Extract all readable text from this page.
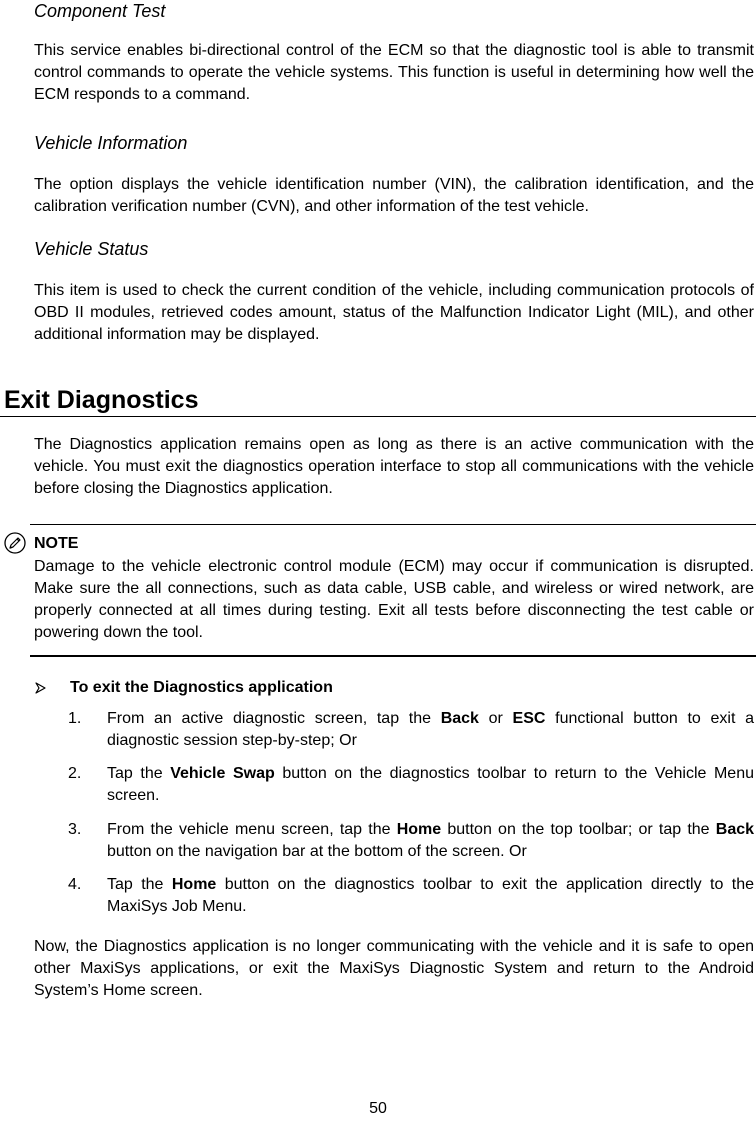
Component Test

This service enables bi-directional control of the ECM so that the diagnostic tool is able to transmit control commands to operate the vehicle systems. This function is useful in determining how well the ECM responds to a command.

Vehicle Information

The option displays the vehicle identification number (VIN), the calibration identification, and the calibration verification number (CVN), and other information of the test vehicle.

Vehicle Status

This item is used to check the current condition of the vehicle, including communication protocols of OBD II modules, retrieved codes amount, status of the Malfunction Indicator Light (MIL), and other additional information may be displayed.

Exit Diagnostics

The Diagnostics application remains open as long as there is an active communication with the vehicle. You must exit the diagnostics operation interface to stop all communications with the vehicle before closing the Diagnostics application.

NOTE

Damage to the vehicle electronic control module (ECM) may occur if communication is disrupted. Make sure the all connections, such as data cable, USB cable, and wireless or wired network, are properly connected at all times during testing. Exit all tests before disconnecting the test cable or powering down the tool.

To exit the Diagnostics application
1.	From an active diagnostic screen, tap the Back or ESC functional button to exit a diagnostic session step-by-step; Or
2.	Tap the Vehicle Swap button on the diagnostics toolbar to return to the Vehicle Menu screen.
3.	From the vehicle menu screen, tap the Home button on the top toolbar; or tap the Back button on the navigation bar at the bottom of the screen. Or
4.	Tap the Home button on the diagnostics toolbar to exit the application directly to the MaxiSys Job Menu.

Now, the Diagnostics application is no longer communicating with the vehicle and it is safe to open other MaxiSys applications, or exit the MaxiSys Diagnostic System and return to the Android System’s Home screen.

50
